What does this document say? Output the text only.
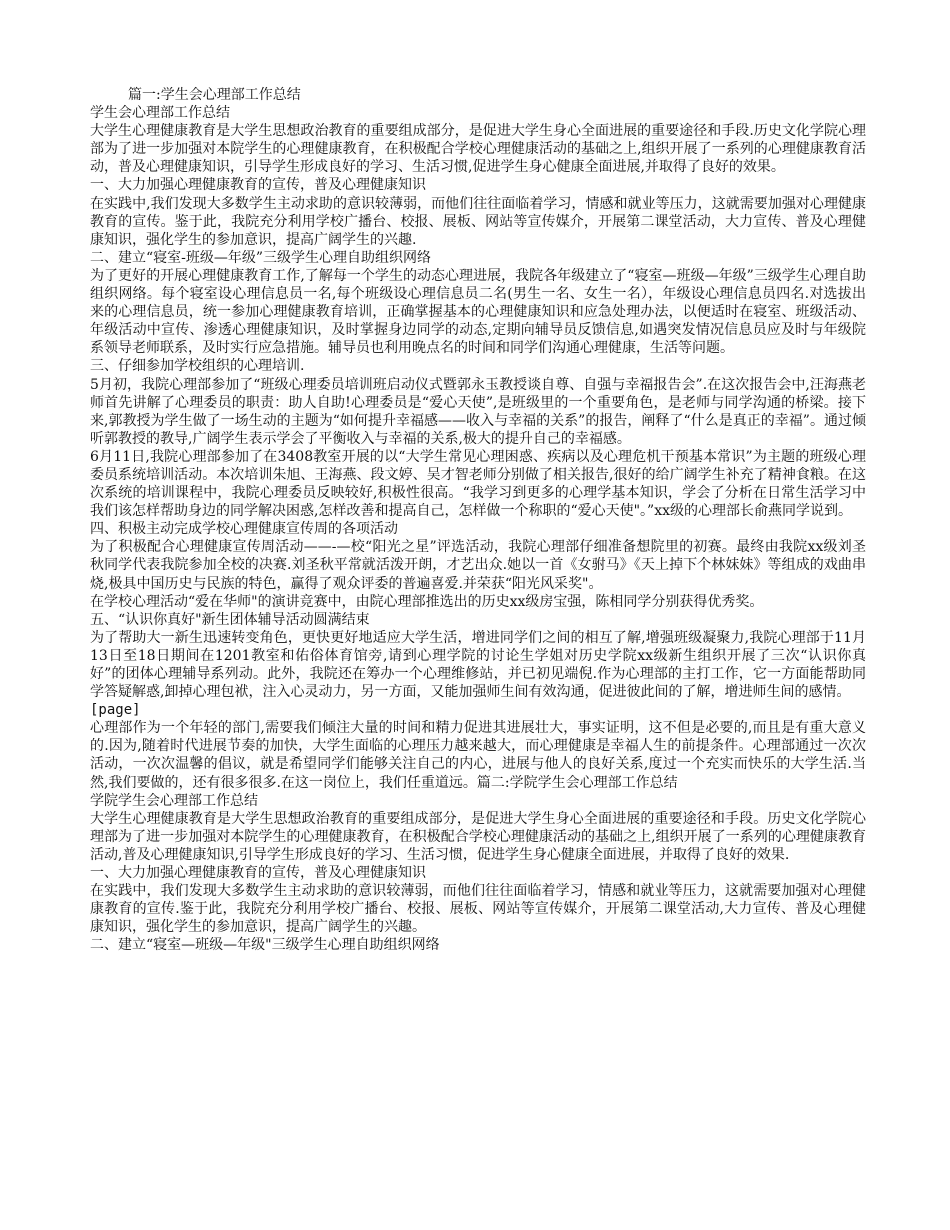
篇一:学生会心理部工作总结

学生会心理部工作总结

大学生心理健康教育是大学生思想政治教育的重要组成部分，是促进大学生身心全面进展的重要途径和手段.历史文化学院心理部为了进一步加强对本院学生的心理健康教育，在积极配合学校心理健康活动的基础之上,组织开展了一系列的心理健康教育活动，普及心理健康知识，引导学生形成良好的学习、生活习惯,促进学生身心健康全面进展,并取得了良好的效果。

一、大力加强心理健康教育的宣传，普及心理健康知识

在实践中,我们发现大多数学生主动求助的意识较薄弱，而他们往往面临着学习，情感和就业等压力，这就需要加强对心理健康教育的宣传。鉴于此，我院充分利用学校广播台、校报、展板、网站等宣传媒介，开展第二课堂活动，大力宣传、普及心理健康知识，强化学生的参加意识，提高广阔学生的兴趣.

二、建立“寝室-班级—年级”三级学生心理自助组织网络

为了更好的开展心理健康教育工作,了解每一个学生的动态心理进展，我院各年级建立了“寝室—班级—年级”三级学生心理自助组织网络。每个寝室设心理信息员一名,每个班级设心理信息员二名(男生一名、女生一名），年级设心理信息员四名.对选拔出来的心理信息员，统一参加心理健康教育培训，正确掌握基本的心理健康知识和应急处理办法，以便适时在寝室、班级活动、年级活动中宣传、渗透心理健康知识，及时掌握身边同学的动态,定期向辅导员反馈信息,如遇突发情况信息员应及时与年级院系领导老师联系，及时实行应急措施。辅导员也利用晚点名的时间和同学们沟通心理健康，生活等问题。

三、仔细参加学校组织的心理培训.

5月初，我院心理部参加了“班级心理委员培训班启动仪式暨郭永玉教授谈自尊、自强与幸福报告会”.在这次报告会中,汪海燕老师首先讲解了心理委员的职责：助人自助!心理委员是“爱心天使”,是班级里的一个重要角色，是老师与同学沟通的桥梁。接下来,郭教授为学生做了一场生动的主题为“如何提升幸福感——收入与幸福的关系”的报告，阐释了“什么是真正的幸福”。通过倾听郭教授的教导,广阔学生表示学会了平衡收入与幸福的关系,极大的提升自己的幸福感。

6月11日,我院心理部参加了在3408教室开展的以“大学生常见心理困惑、疾病以及心理危机干预基本常识”为主题的班级心理委员系统培训活动。本次培训朱旭、王海燕、段文婷、吴才智老师分别做了相关报告,很好的给广阔学生补充了精神食粮。在这次系统的培训课程中，我院心理委员反映较好,积极性很高。“我学习到更多的心理学基本知识，学会了分析在日常生活学习中我们该怎样帮助身边的同学解决困惑,怎样改善和提高自己，怎样做一个称职的“爱心天使"。”xx级的心理部长俞燕同学说到。

四、积极主动完成学校心理健康宣传周的各项活动

为了积极配合心理健康宣传周活动——-—校“阳光之星”评选活动，我院心理部仔细准备想院里的初赛。最终由我院xx级刘圣秋同学代表我院参加全校的决赛.刘圣秋平常就活泼开朗，才艺出众.她以一首《女驸马》《天上掉下个林妹妹》等组成的戏曲串烧,极具中国历史与民族的特色，赢得了观众评委的普遍喜爱.并荣获“阳光风采奖"。

在学校心理活动“爱在华师"的演讲竞赛中，由院心理部推选出的历史xx级房宝强，陈相同学分别获得优秀奖。

五、“认识你真好"新生团体辅导活动圆满结束

为了帮助大一新生迅速转变角色，更快更好地适应大学生活，增进同学们之间的相互了解,增强班级凝聚力,我院心理部于11月13日至18日期间在1201教室和佑俗体育馆旁,请到心理学院的讨论生学姐对历史学院xx级新生组织开展了三次“认识你真好”的团体心理辅导系列动。此外，我院还在筹办一个心理维修站，并已初见端倪.作为心理部的主打工作，它一方面能帮助同学答疑解惑,卸掉心理包袱，注入心灵动力，另一方面，又能加强师生间有效沟通，促进彼此间的了解，增进师生间的感情。

[page]

心理部作为一个年轻的部门,需要我们倾注大量的时间和精力促进其进展壮大，事实证明，这不但是必要的,而且是有重大意义的.因为,随着时代进展节奏的加快，大学生面临的心理压力越来越大，而心理健康是幸福人生的前提条件。心理部通过一次次活动，一次次温馨的倡议，就是希望同学们能够关注自己的内心，进展与他人的良好关系,度过一个充实而快乐的大学生活.当然,我们要做的，还有很多很多.在这一岗位上，我们任重道远。篇二:学院学生会心理部工作总结

学院学生会心理部工作总结

大学生心理健康教育是大学生思想政治教育的重要组成部分，是促进大学生身心全面进展的重要途径和手段。历史文化学院心理部为了进一步加强对本院学生的心理健康教育，在积极配合学校心理健康活动的基础之上,组织开展了一系列的心理健康教育活动,普及心理健康知识,引导学生形成良好的学习、生活习惯，促进学生身心健康全面进展，并取得了良好的效果.

一、大力加强心理健康教育的宣传，普及心理健康知识

在实践中，我们发现大多数学生主动求助的意识较薄弱，而他们往往面临着学习，情感和就业等压力，这就需要加强对心理健康教育的宣传.鉴于此，我院充分利用学校广播台、校报、展板、网站等宣传媒介，开展第二课堂活动,大力宣传、普及心理健康知识，强化学生的参加意识，提高广阔学生的兴趣。

二、建立“寝室—班级—年级"三级学生心理自助组织网络
